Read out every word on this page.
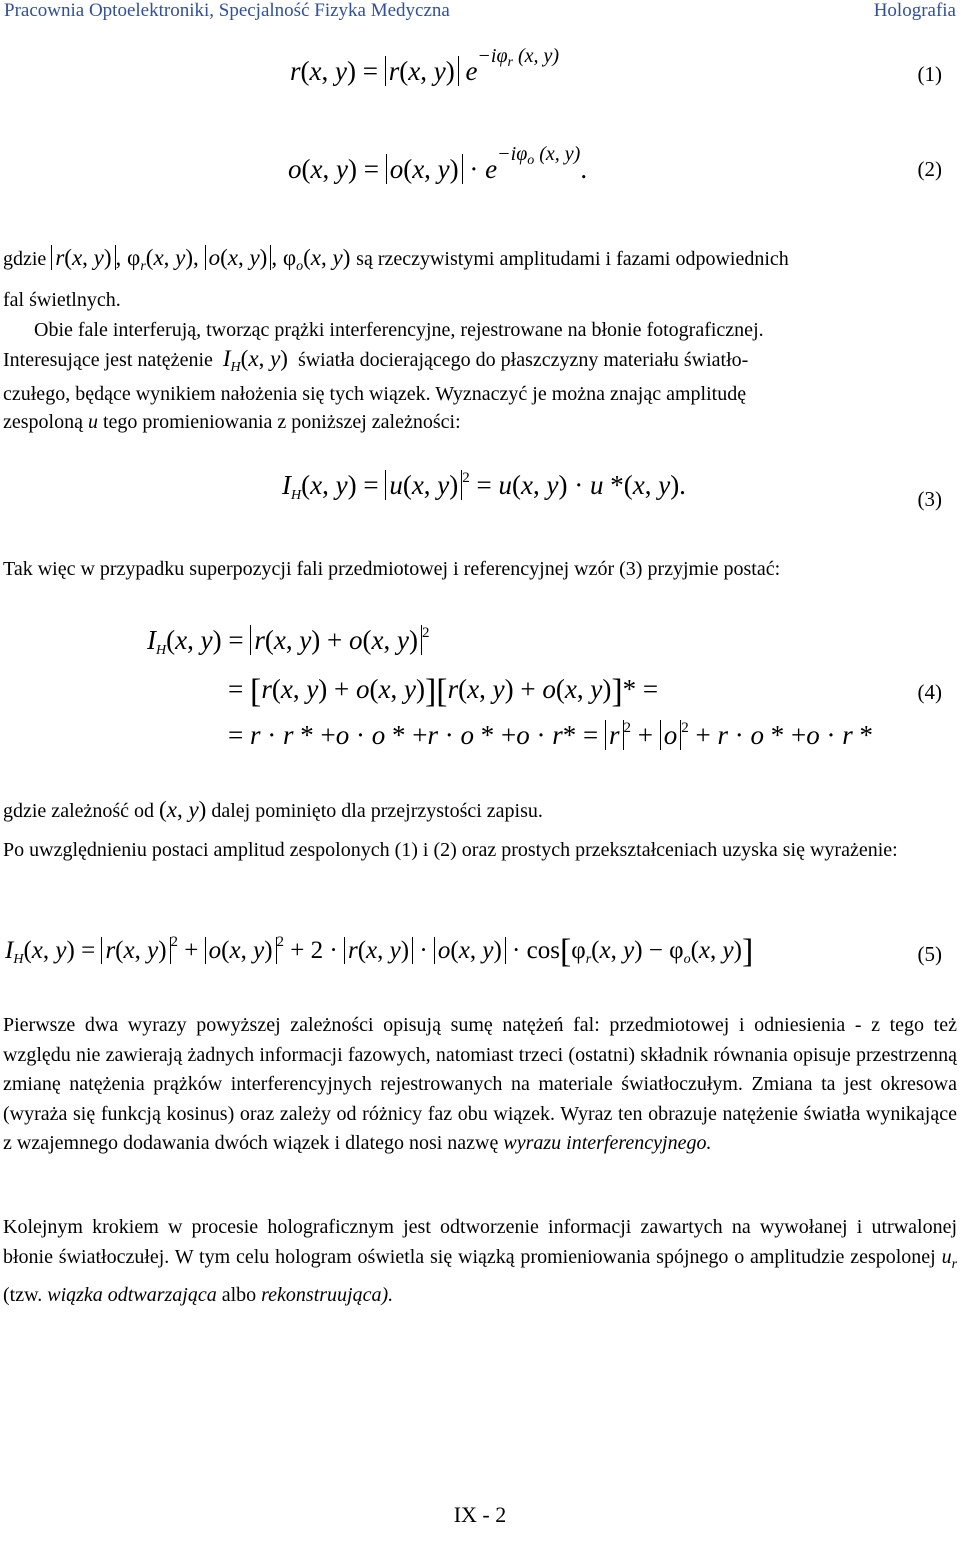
Pracownia Optoelektroniki, Specjalność Fizyka Medyczna	Holografia
r(x, y) = r(x, y) $e^{-i\varphi_r (x, y)}$
(1)
o(x, y) = o(x, $y) \cdot e^{-i\varphi_o (x, y)}$.	(2)
gdzie r(x, y) , $\varphi_r(x$, y), o(x, y) , $\varphi_o(x$, y) są rzeczywistymi amplitudami i fazami odpowiednich
fal świetlnych.
Obie fale interferują, tworząc prążki interferencyjne, rejestrowane na błonie fotograficznej.
Interesujące jest natężenie $I_H(x$, y) światła docierającego do płaszczyzny materiału światło-
czułego, będące wynikiem nałożenia się tych wiązek. Wyznaczyć je można znając amplitudę
zespoloną u tego promieniowania z poniższej zależności:
$I_H(x$, y) = u(x, y) $^2$ = u(x, y) · u *(x, y).	(3)
Tak więc w przypadku superpozycji fali przedmiotowej i referencyjnej wzór (3) przyjmie postać:
$I_H(x$, y) = r(x, y) + o(x, y) $^2$
= [r(x, y) + o(x, y)][r(x, y) + o(x, y)]* =	(4)
= r · r * +o · o * +r · o * +o · r* = r $^2$ + o $^2$ + r · o * +o · r *
gdzie zależność od (x, y) dalej pominięto dla przejrzystości zapisu.
Po uwzględnieniu postaci amplitud zespolonych (1) i (2) oraz prostych przekształceniach uzyska się wyrażenie:
$I_H(x$, y) = r(x, y) $^2$ + o(x, y) $^2$ + 2 · r(x, y) · o(x, $y) \cdot \cos[\varphi_r(x$, $y) - \varphi_o(x$, y)]	(5)
Pierwsze dwa wyrazy powyższej zależności opisują sumę natężeń fal: przedmiotowej i odniesienia - z tego też względu nie zawierają żadnych informacji fazowych, natomiast trzeci (ostatni) składnik równania opisuje przestrzenną zmianę natężenia prążków interferencyjnych rejestrowanych na materiale światłoczułym. Zmiana ta jest okresowa (wyraża się funkcją kosinus) oraz zależy od różnicy faz obu wiązek. Wyraz ten obrazuje natężenie światła wynikające z wzajemnego dodawania dwóch wiązek i dlatego nosi nazwę wyrazu interferencyjnego.
Kolejnym krokiem w procesie holograficznym jest odtworzenie informacji zawartych na wywołanej i utrwalonej błonie światłoczułej. W tym celu hologram oświetla się wiązką promieniowania spójnego o amplitudzie zespolonej $u_r$ (tzw. wiązka odtwarzająca albo rekonstruująca).
IX - 2
